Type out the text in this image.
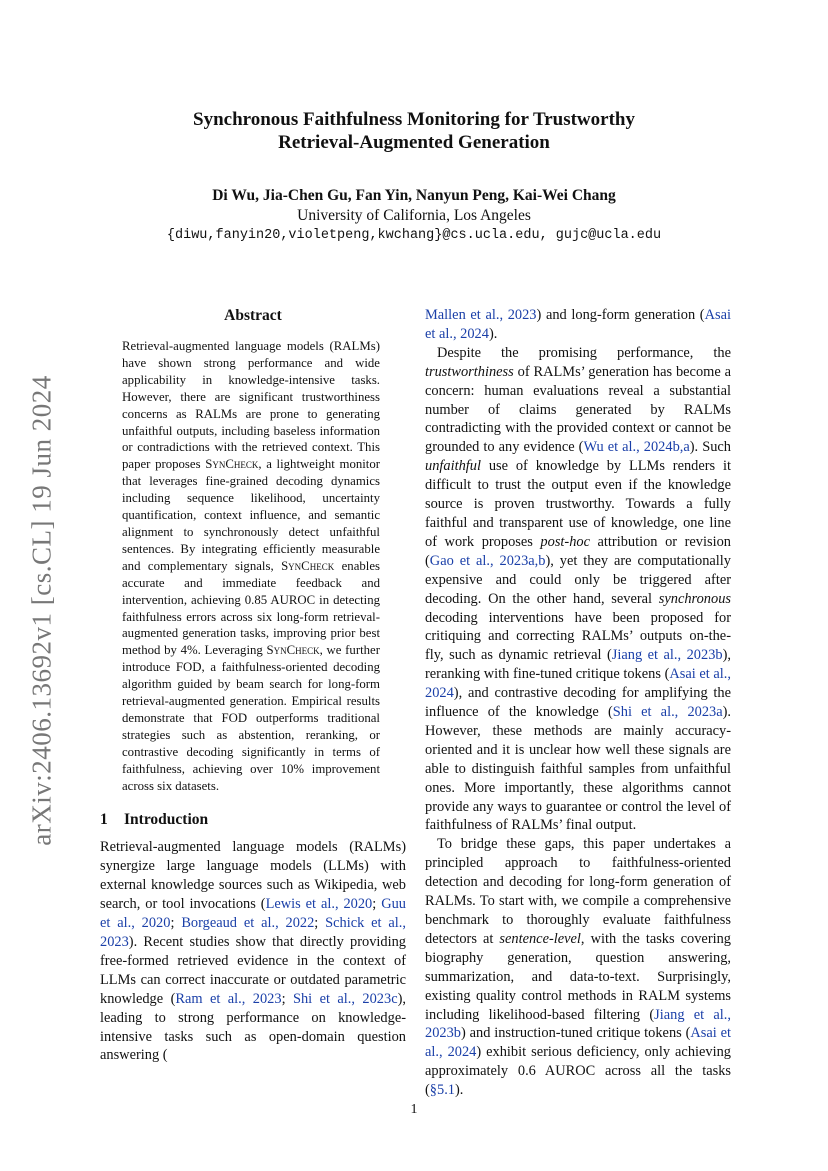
arXiv:2406.13692v1 [cs.CL] 19 Jun 2024
Synchronous Faithfulness Monitoring for Trustworthy
Retrieval-Augmented Generation
Di Wu, Jia-Chen Gu, Fan Yin, Nanyun Peng, Kai-Wei Chang
University of California, Los Angeles
{diwu,fanyin20,violetpeng,kwchang}@cs.ucla.edu, gujc@ucla.edu
Abstract

Retrieval-augmented language models (RALMs) have shown strong performance and wide applicability in knowledge-intensive tasks. However, there are significant trustworthiness concerns as RALMs are prone to generating unfaithful outputs, including baseless information or contradictions with the retrieved context. This paper proposes SynCheck, a lightweight monitor that leverages fine-grained decoding dynamics including sequence likelihood, uncertainty quantification, context influence, and semantic alignment to synchronously detect unfaithful sentences. By integrating efficiently measurable and complementary signals, SynCheck enables accurate and immediate feedback and intervention, achieving 0.85 AUROC in detecting faithfulness errors across six long-form retrieval-augmented generation tasks, improving prior best method by 4%. Leveraging SynCheck, we further introduce FOD, a faithfulness-oriented decoding algorithm guided by beam search for long-form retrieval-augmented generation. Empirical results demonstrate that FOD outperforms traditional strategies such as abstention, reranking, or contrastive decoding significantly in terms of faithfulness, achieving over 10% improvement across six datasets.

1 Introduction

Retrieval-augmented language models (RALMs) synergize large language models (LLMs) with external knowledge sources such as Wikipedia, web search, or tool invocations (Lewis et al., 2020; Guu et al., 2020; Borgeaud et al., 2022; Schick et al., 2023). Recent studies show that directly providing free-formed retrieved evidence in the context of LLMs can correct inaccurate or outdated parametric knowledge (Ram et al., 2023; Shi et al., 2023c), leading to strong performance on knowledge-intensive tasks such as open-domain question answering (

Mallen et al., 2023) and long-form generation (Asai et al., 2024).

Despite the promising performance, the trustworthiness of RALMs’ generation has become a concern: human evaluations reveal a substantial number of claims generated by RALMs contradicting with the provided context or cannot be grounded to any evidence (Wu et al., 2024b,a). Such unfaithful use of knowledge by LLMs renders it difficult to trust the output even if the knowledge source is proven trustworthy. Towards a fully faithful and transparent use of knowledge, one line of work proposes post-hoc attribution or revision (Gao et al., 2023a,b), yet they are computationally expensive and could only be triggered after decoding. On the other hand, several synchronous decoding interventions have been proposed for critiquing and correcting RALMs’ outputs on-the-fly, such as dynamic retrieval (Jiang et al., 2023b), reranking with fine-tuned critique tokens (Asai et al., 2024), and contrastive decoding for amplifying the influence of the knowledge (Shi et al., 2023a). However, these methods are mainly accuracy-oriented and it is unclear how well these signals are able to distinguish faithful samples from unfaithful ones. More importantly, these algorithms cannot provide any ways to guarantee or control the level of faithfulness of RALMs’ final output.

To bridge these gaps, this paper undertakes a principled approach to faithfulness-oriented detection and decoding for long-form generation of RALMs. To start with, we compile a comprehensive benchmark to thoroughly evaluate faithfulness detectors at sentence-level, with the tasks covering biography generation, question answering, summarization, and data-to-text. Surprisingly, existing quality control methods in RALM systems including likelihood-based filtering (Jiang et al., 2023b) and instruction-tuned critique tokens (Asai et al., 2024) exhibit serious deficiency, only achieving approximately 0.6 AUROC across all the tasks (§5.1).

1
